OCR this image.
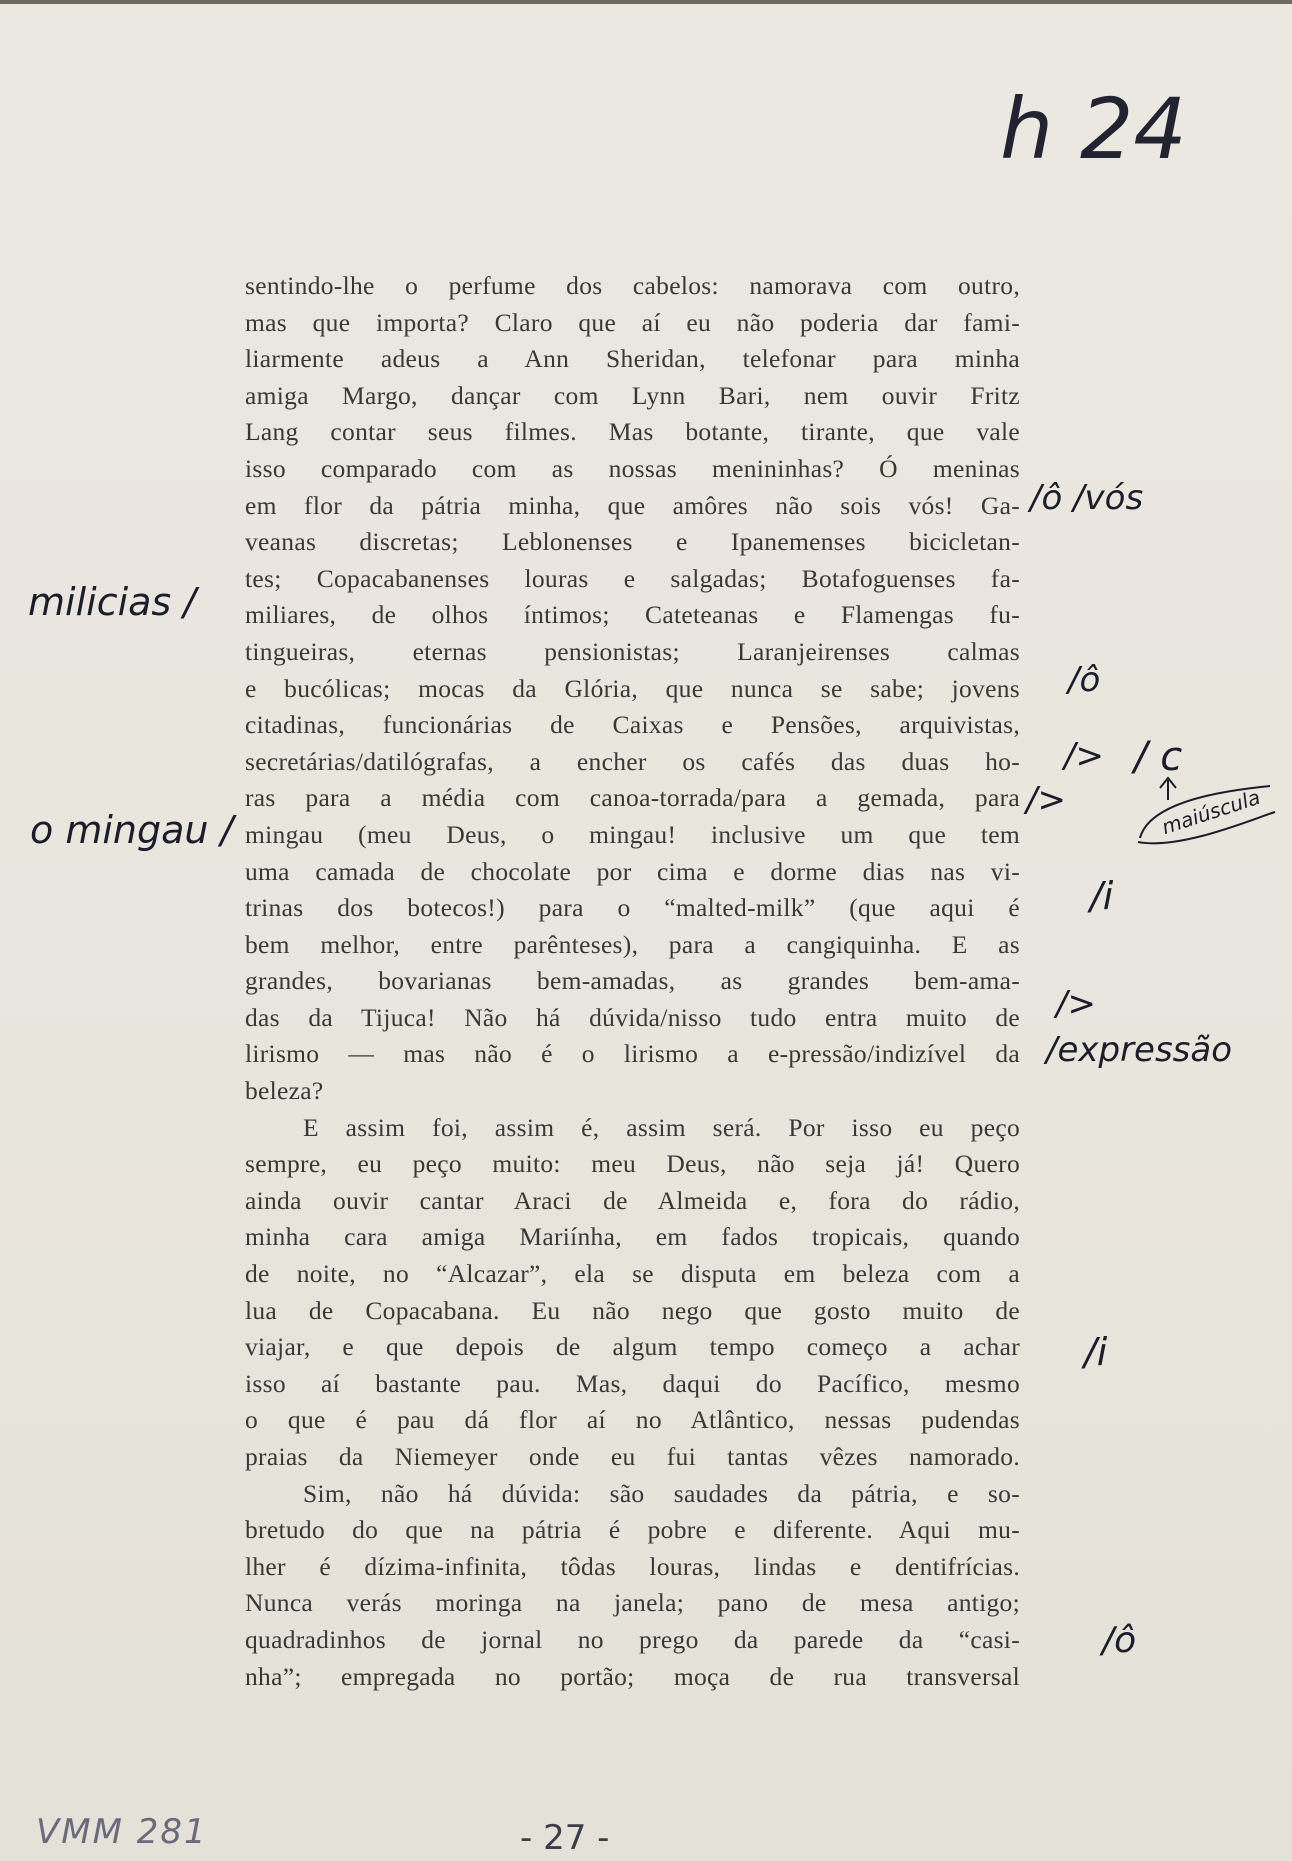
h 24
sentindo-lhe o perfume dos cabelos: namorava com outro,
mas que importa? Claro que aí eu não poderia dar fami-
liarmente adeus a Ann Sheridan, telefonar para minha
amiga Margo, dançar com Lynn Bari, nem ouvir Fritz
Lang contar seus filmes. Mas botante, tirante, que vale
isso comparado com as nossas menininhas? Ó meninas
em flor da pátria minha, que amôres não sois vós! Ga-
veanas discretas; Leblonenses e Ipanemenses bicicletan-
tes; Copacabanenses louras e salgadas; Botafoguenses fa-
miliares, de olhos íntimos; Cateteanas e Flamengas fu-
tingueiras, eternas pensionistas; Laranjeirenses calmas
e bucólicas; mocas da Glória, que nunca se sabe; jovens
citadinas, funcionárias de Caixas e Pensões, arquivistas,
secretárias/datilógrafas, a encher os cafés das duas ho-
ras para a média com canoa-torrada/para a gemada, para
mingau (meu Deus, o mingau! inclusive um que tem
uma camada de chocolate por cima e dorme dias nas vi-
trinas dos botecos!) para o “malted-milk” (que aqui é
bem melhor, entre parênteses), para a cangiquinha. E as
grandes, bovarianas bem-amadas, as grandes bem-ama-
das da Tijuca! Não há dúvida/nisso tudo entra muito de
lirismo — mas não é o lirismo a e-pressão/indizível da
beleza?
E assim foi, assim é, assim será. Por isso eu peço
sempre, eu peço muito: meu Deus, não seja já! Quero
ainda ouvir cantar Araci de Almeida e, fora do rádio,
minha cara amiga Mariínha, em fados tropicais, quando
de noite, no “Alcazar”, ela se disputa em beleza com a
lua de Copacabana. Eu não nego que gosto muito de
viajar, e que depois de algum tempo começo a achar
isso aí bastante pau. Mas, daqui do Pacífico, mesmo
o que é pau dá flor aí no Atlântico, nessas pudendas
praias da Niemeyer onde eu fui tantas vêzes namorado.
Sim, não há dúvida: são saudades da pátria, e so-
bretudo do que na pátria é pobre e diferente. Aqui mu-
lher é dízima-infinita, tôdas louras, lindas e dentifrícias.
Nunca verás moringa na janela; pano de mesa antigo;
quadradinhos de jornal no prego da parede da “casi-
nha”; empregada no portão; moça de rua transversal
milicias /
o mingau /
/ô /vós
/ô
/> / c
/>	maiúscula
/i
/>
/expressão
/i
/ô
VMM 281	- 27 -
